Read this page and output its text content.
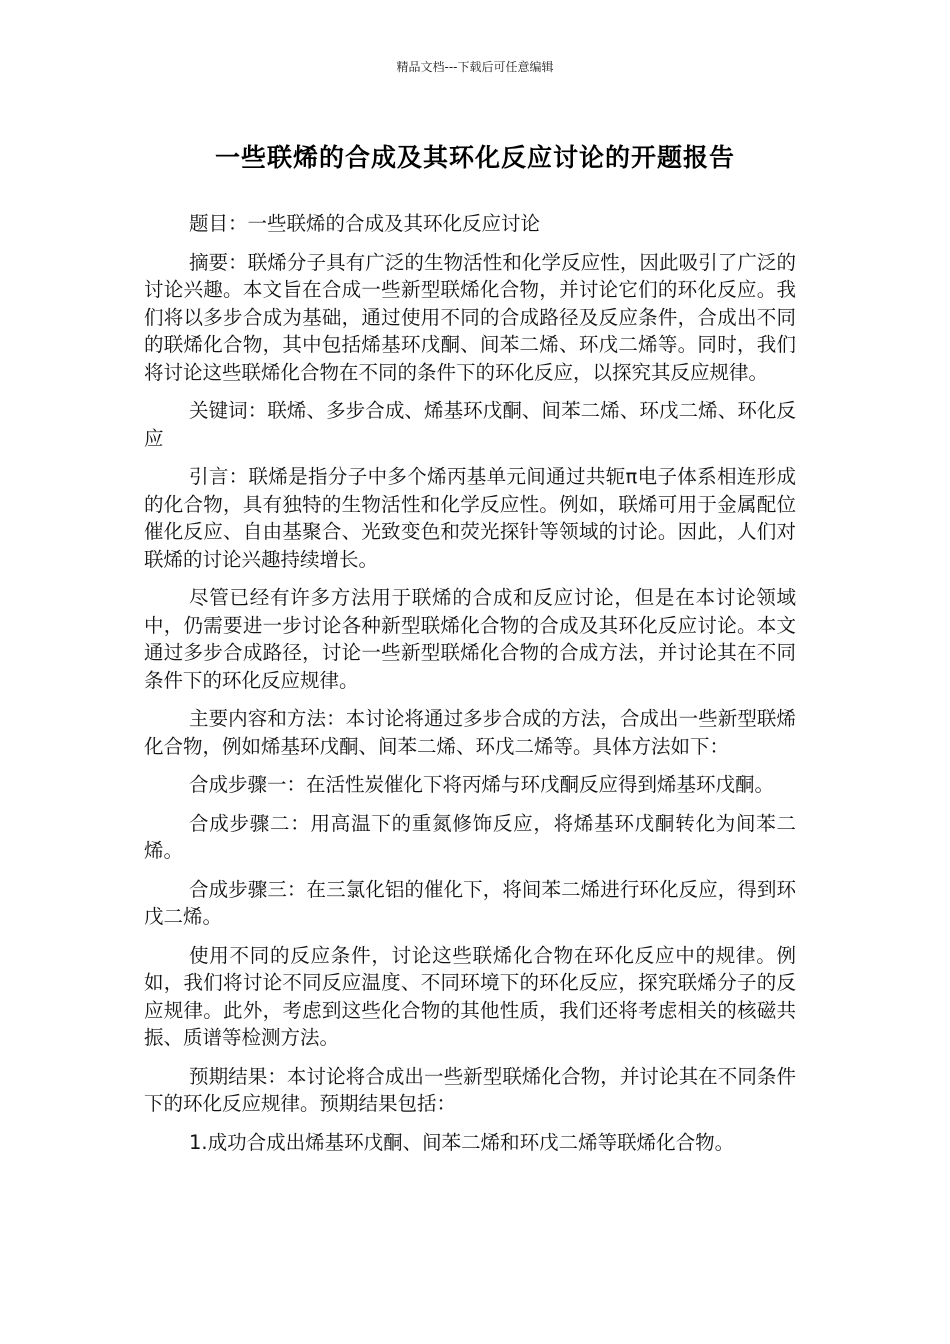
精品文档---下载后可任意编辑
一些联烯的合成及其环化反应讨论的开题报告

题目：一些联烯的合成及其环化反应讨论

摘要：联烯分子具有广泛的生物活性和化学反应性，因此吸引了广泛的讨论兴趣。本文旨在合成一些新型联烯化合物，并讨论它们的环化反应。我们将以多步合成为基础，通过使用不同的合成路径及反应条件，合成出不同的联烯化合物，其中包括烯基环戊酮、间苯二烯、环戊二烯等。同时，我们将讨论这些联烯化合物在不同的条件下的环化反应，以探究其反应规律。

关键词：联烯、多步合成、烯基环戊酮、间苯二烯、环戊二烯、环化反应

引言：联烯是指分子中多个烯丙基单元间通过共轭π电子体系相连形成的化合物，具有独特的生物活性和化学反应性。例如，联烯可用于金属配位催化反应、自由基聚合、光致变色和荧光探针等领域的讨论。因此，人们对联烯的讨论兴趣持续增长。

尽管已经有许多方法用于联烯的合成和反应讨论，但是在本讨论领域中，仍需要进一步讨论各种新型联烯化合物的合成及其环化反应讨论。本文通过多步合成路径，讨论一些新型联烯化合物的合成方法，并讨论其在不同条件下的环化反应规律。

主要内容和方法：本讨论将通过多步合成的方法，合成出一些新型联烯化合物，例如烯基环戊酮、间苯二烯、环戊二烯等。具体方法如下：

合成步骤一：在活性炭催化下将丙烯与环戊酮反应得到烯基环戊酮。

合成步骤二：用高温下的重氮修饰反应，将烯基环戊酮转化为间苯二烯。

合成步骤三：在三氯化铝的催化下，将间苯二烯进行环化反应，得到环戊二烯。

使用不同的反应条件，讨论这些联烯化合物在环化反应中的规律。例如，我们将讨论不同反应温度、不同环境下的环化反应，探究联烯分子的反应规律。此外，考虑到这些化合物的其他性质，我们还将考虑相关的核磁共振、质谱等检测方法。

预期结果：本讨论将合成出一些新型联烯化合物，并讨论其在不同条件下的环化反应规律。预期结果包括：

1.成功合成出烯基环戊酮、间苯二烯和环戊二烯等联烯化合物。
